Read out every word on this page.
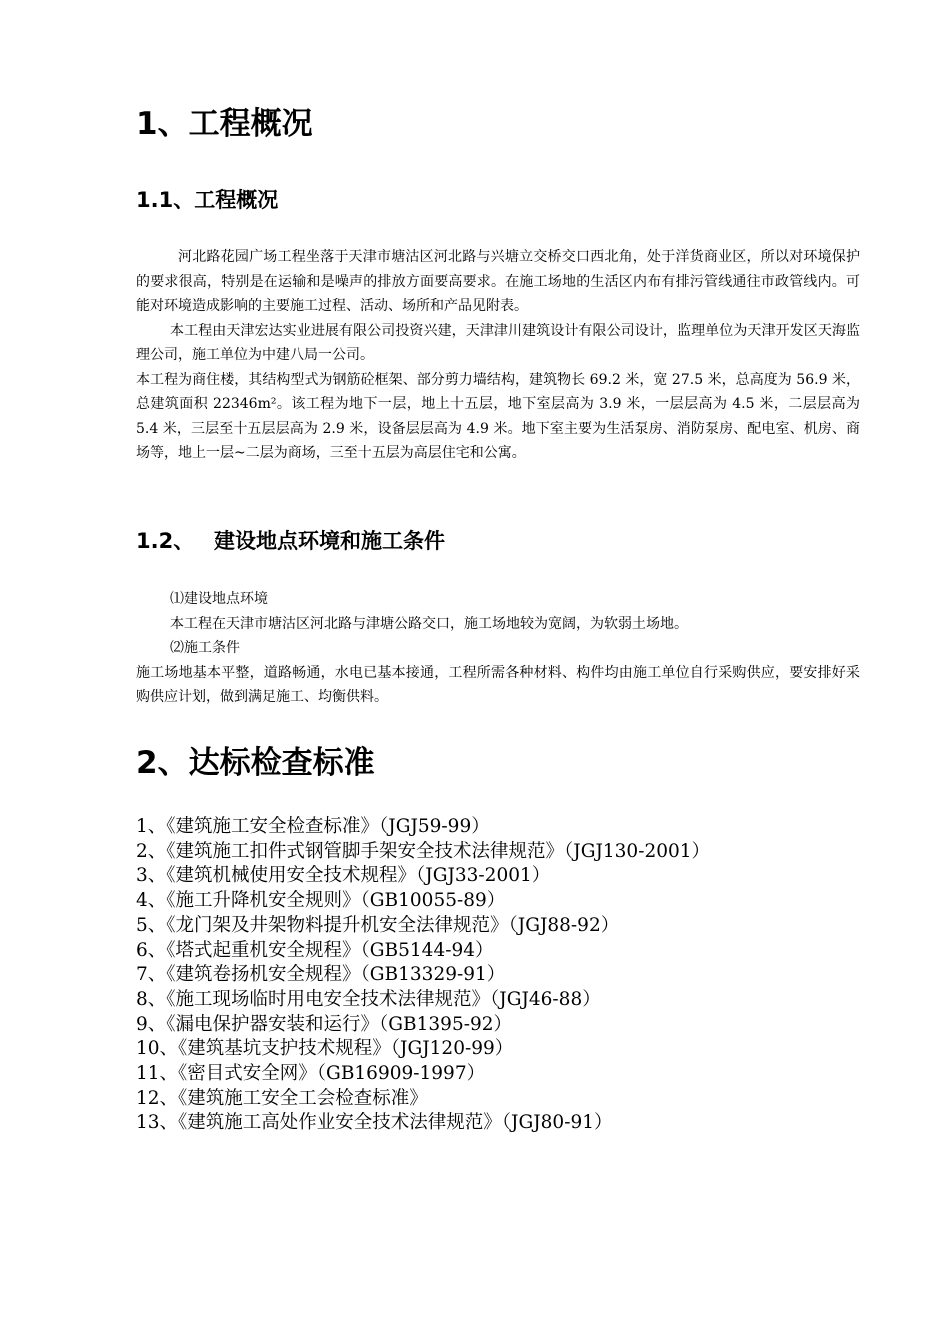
1、工程概况
1.1、工程概况

河北路花园广场工程坐落于天津市塘沽区河北路与兴塘立交桥交口西北角，处于洋货商业区，所以对环境保护的要求很高，特别是在运输和是噪声的排放方面要高要求。在施工场地的生活区内布有排污管线通往市政管线内。可能对环境造成影响的主要施工过程、活动、场所和产品见附表。

本工程由天津宏达实业进展有限公司投资兴建，天津津川建筑设计有限公司设计，监理单位为天津开发区天海监理公司，施工单位为中建八局一公司。

本工程为商住楼，其结构型式为钢筋砼框架、部分剪力墙结构，建筑物长 69.2 米，宽 27.5 米，总高度为 56.9 米，总建筑面积 22346m²。该工程为地下一层，地上十五层，地下室层高为 3.9 米，一层层高为 4.5 米，二层层高为 5.4 米，三层至十五层层高为 2.9 米，设备层层高为 4.9 米。地下室主要为生活泵房、消防泵房、配电室、机房、商场等，地上一层~二层为商场，三至十五层为高层住宅和公寓。

1.2、 建设地点环境和施工条件

⑴建设地点环境

本工程在天津市塘沽区河北路与津塘公路交口，施工场地较为宽阔，为软弱土场地。

⑵施工条件

施工场地基本平整，道路畅通，水电已基本接通，工程所需各种材料、构件均由施工单位自行采购供应，要安排好采购供应计划，做到满足施工、均衡供料。

2、达标检查标准
1、《建筑施工安全检查标准》（JGJ59-99）
2、《建筑施工扣件式钢管脚手架安全技术法律规范》（JGJ130-2001）
3、《建筑机械使用安全技术规程》（JGJ33-2001）
4、《施工升降机安全规则》（GB10055-89）
5、《龙门架及井架物料提升机安全法律规范》（JGJ88-92）
6、《塔式起重机安全规程》（GB5144-94）
7、《建筑卷扬机安全规程》（GB13329-91）
8、《施工现场临时用电安全技术法律规范》（JGJ46-88）
9、《漏电保护器安装和运行》（GB1395-92）
10、《建筑基坑支护技术规程》（JGJ120-99）
11、《密目式安全网》（GB16909-1997）
12、《建筑施工安全工会检查标准》
13、《建筑施工高处作业安全技术法律规范》（JGJ80-91）
